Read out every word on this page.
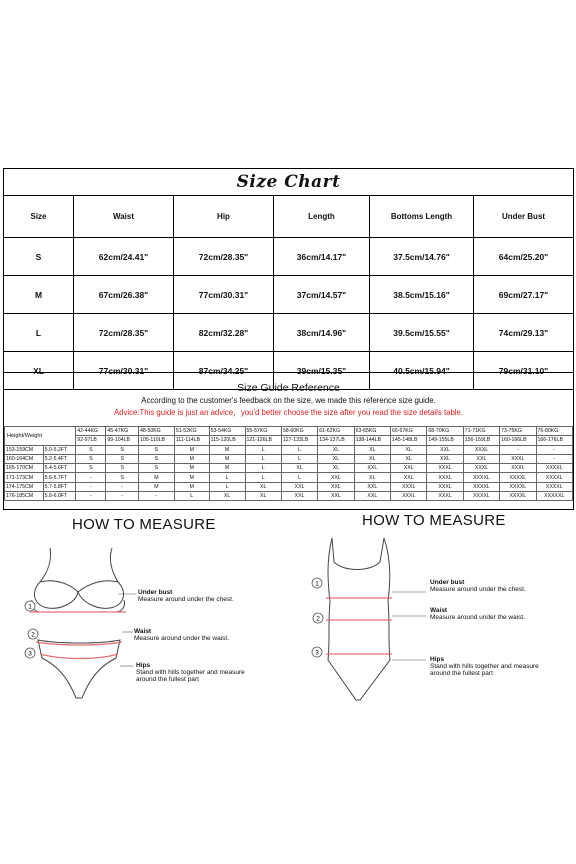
Size Chart					
Size	Waist	Hip	Length	Bottoms Length	Under Bust
S	62cm/24.41"	72cm/28.35"	36cm/14.17"	37.5cm/14.76"	64cm/25.20"
M	67cm/26.38"	77cm/30.31"	37cm/14.57"	38.5cm/15.16"	69cm/27.17"
L	72cm/28.35"	82cm/32.28"	38cm/14.96"	39.5cm/15.55"	74cm/29.13"
XL	77cm/30.31"	87cm/34.25"	39cm/15.35"	40.5cm/15.94"	79cm/31.10"
Size Guide Reference
According to the customer's feedback on the size, we made this reference size guide.
Advice:This guide is just an advice，you'd better choose the size after you read the size details table.
Height/Weight		42-44KG	45-47KG	48-50KG	51-52KG	53-54KG	55-57KG	58-60KG	61-62KG	63-65KG	66-67KG	68-70KG	71-71KG	73-75KG	76-80KG
		92-97LB	99-104LB	105-110LB	111-114LB	115-120LB	121-126LB	127-133LB	134-137LB	138-144LB	145-148LB	149-155LB	156-159LB	160-166LB	166-176LB
153-159CM	5.0-5.2FT	S	S	S	M	M	L	L	XL	XL	XL	XXL	XXXL	-	-
160-164CM	5.2-5.4FT	S	S	S	M	M	L	L	XL	XL	XL	XXL	XXL	XXXL	-
165-170CM	5.4-5.6FT	S	S	S	M	M	L	XL	XL	XXL	XXL	XXXL	XXXL	XXXL	XXXXL
171-173CM	5.6-5.7FT	-	S	M	M	L	L	L	XXL	XL	XXL	XXXL	XXXXL	XXXXL	XXXXL
174-175CM	5.7-5.8FT	-	-	M	M	L	XL	XXL	XXL	XXL	XXXL	XXXL	XXXXL	XXXXL	XXXXL
176-185CM	5.8-6.0FT	-	-	-	L	XL	XL	XXL	XXL	XXL	XXXL	XXXL	XXXXL	XXXXL	XXXXXL
HOW TO MEASURE
1
2
3
Under bust
Measure around under the chest.
Waist
Measure around under the waist.
Hips
Stand with hills together and measure
around the fullest part
HOW TO MEASURE
1
2
3
Under bust
Measure around under the chest.
Waist
Measure around under the waist.
Hips
Stand with hills together and measure
around the fullest part
